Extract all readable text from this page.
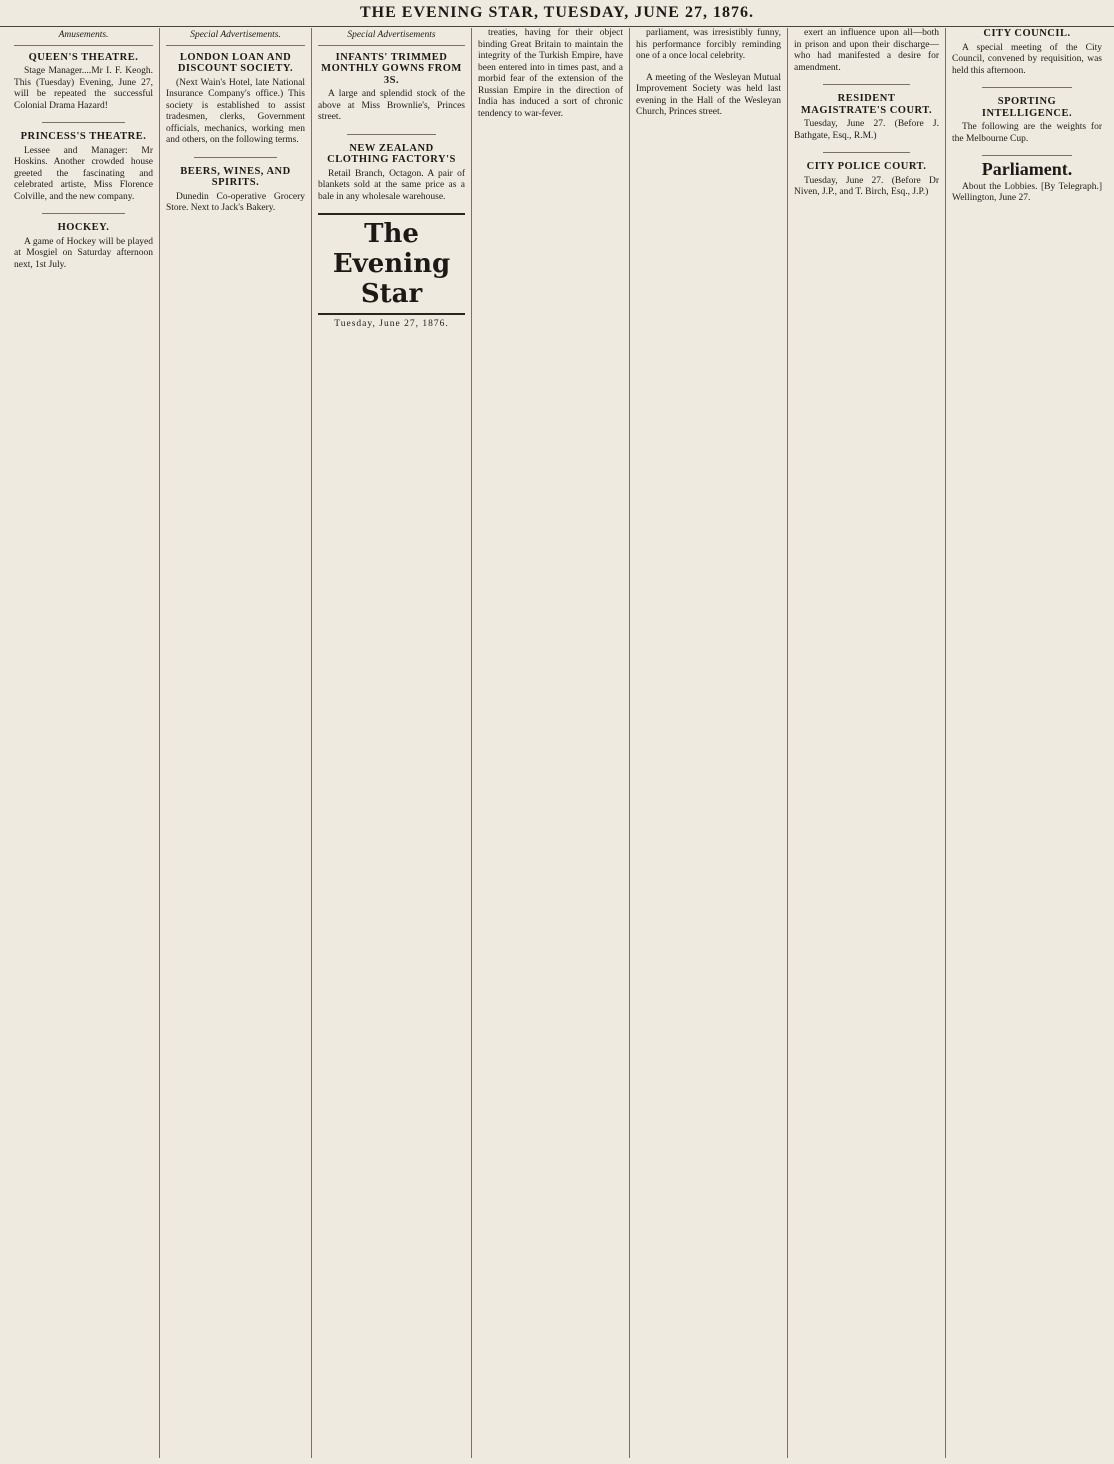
THE EVENING STAR, TUESDAY, JUNE 27, 1876.
Amusements.
QUEEN'S THEATRE.
Stage Manager....Mr I. F. Keogh. This (Tuesday) Evening, June 27, will be repeated the successful Colonial Drama Hazard!
PRINCESS'S THEATRE.
Lessee and Manager: Mr Hoskins. Another crowded house greeted the fascinating and celebrated artiste, Miss Florence Colville, and the new company.
HOCKEY.
A game of Hockey will be played at Mosgiel on Saturday afternoon next, 1st July.
Special Advertisements.
LONDON LOAN AND DISCOUNT SOCIETY.
(Next Wain's Hotel, late National Insurance Company's office.) This society is established to assist tradesmen, clerks, Government officials, mechanics, working men and others, on the following terms.
BEERS, WINES, AND SPIRITS.
Dunedin Co-operative Grocery Store. Next to Jack's Bakery.
Special Advertisements
INFANTS' TRIMMED MONTHLY GOWNS FROM 3S.
A large and splendid stock of the above at Miss Brownlie's, Princes street.
NEW ZEALAND CLOTHING FACTORY'S
Retail Branch, Octagon. A pair of blankets sold at the same price as a bale in any wholesale warehouse.
The Evening Star
Tuesday, June 27, 1876.
treaties, having for their object binding Great Britain to maintain the integrity of the Turkish Empire, have been entered into in times past, and a morbid fear of the extension of the Russian Empire in the direction of India has induced a sort of chronic tendency to war-fever.
parliament, was irresistibly funny, his performance forcibly reminding one of a once local celebrity.
A meeting of the Wesleyan Mutual Improvement Society was held last evening in the Hall of the Wesleyan Church, Princes street.
exert an influence upon all—both in prison and upon their discharge—who had manifested a desire for amendment.
RESIDENT MAGISTRATE'S COURT.
Tuesday, June 27. (Before J. Bathgate, Esq., R.M.)
CITY POLICE COURT.
Tuesday, June 27. (Before Dr Niven, J.P., and T. Birch, Esq., J.P.)
CITY COUNCIL.
A special meeting of the City Council, convened by requisition, was held this afternoon.
SPORTING INTELLIGENCE.
The following are the weights for the Melbourne Cup.
Parliament.
About the Lobbies. [By Telegraph.] Wellington, June 27.
